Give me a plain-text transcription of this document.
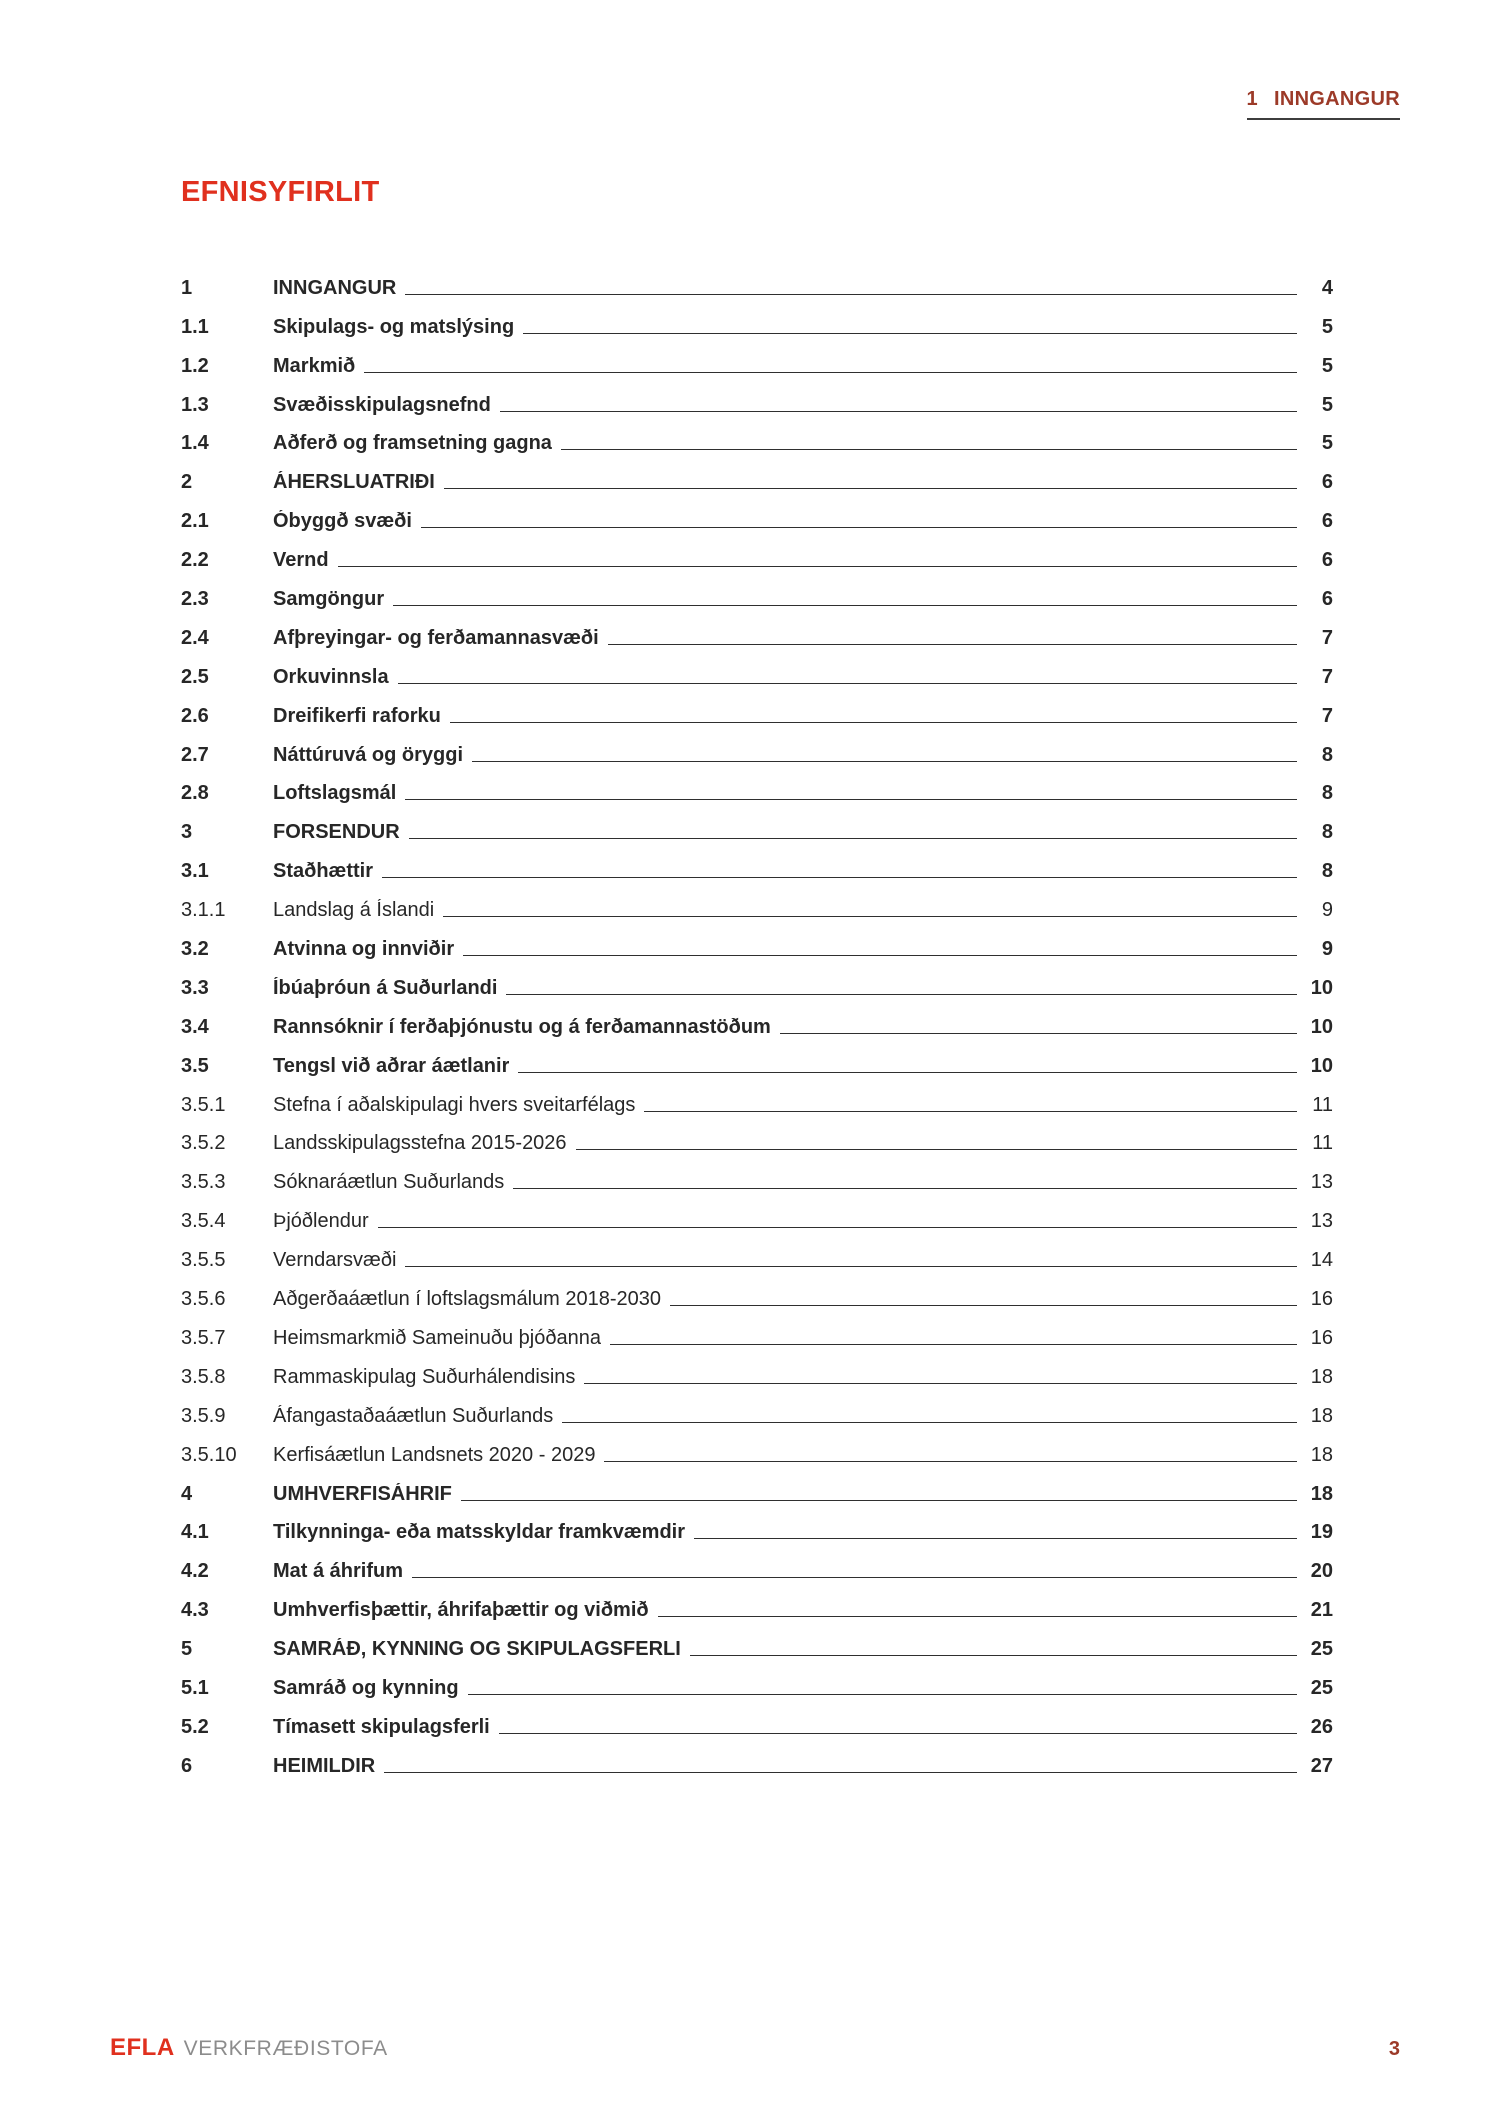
1 INNGANGUR
EFNISYFIRLIT
1	INNGANGUR	4
1.1	Skipulags- og matslýsing	5
1.2	Markmið	5
1.3	Svæðisskipulagsnefnd	5
1.4	Aðferð og framsetning gagna	5
2	ÁHERSLUATRIÐI	6
2.1	Óbyggð svæði	6
2.2	Vernd	6
2.3	Samgöngur	6
2.4	Afþreyingar- og ferðamannasvæði	7
2.5	Orkuvinnsla	7
2.6	Dreifikerfi raforku	7
2.7	Náttúruvá og öryggi	8
2.8	Loftslagsmál	8
3	FORSENDUR	8
3.1	Staðhættir	8
3.1.1	Landslag á Íslandi	9
3.2	Atvinna og innviðir	9
3.3	Íbúaþróun á Suðurlandi	10
3.4	Rannsóknir í ferðaþjónustu og á ferðamannastöðum	10
3.5	Tengsl við aðrar áætlanir	10
3.5.1	Stefna í aðalskipulagi hvers sveitarfélags	11
3.5.2	Landsskipulagsstefna 2015-2026	11
3.5.3	Sóknaráætlun Suðurlands	13
3.5.4	Þjóðlendur	13
3.5.5	Verndarsvæði	14
3.5.6	Aðgerðaáætlun í loftslagsmálum 2018-2030	16
3.5.7	Heimsmarkmið Sameinuðu þjóðanna	16
3.5.8	Rammaskipulag Suðurhálendisins	18
3.5.9	Áfangastaðaáætlun Suðurlands	18
3.5.10	Kerfisáætlun Landsnets 2020 - 2029	18
4	UMHVERFISÁHRIF	18
4.1	Tilkynninga- eða matsskyldar framkvæmdir	19
4.2	Mat á áhrifum	20
4.3	Umhverfisþættir, áhrifaþættir og viðmið	21
5	SAMRÁÐ, KYNNING OG SKIPULAGSFERLI	25
5.1	Samráð og kynning	25
5.2	Tímasett skipulagsferli	26
6	HEIMILDIR	27
EFLA VERKFRÆÐISTOFA	3
